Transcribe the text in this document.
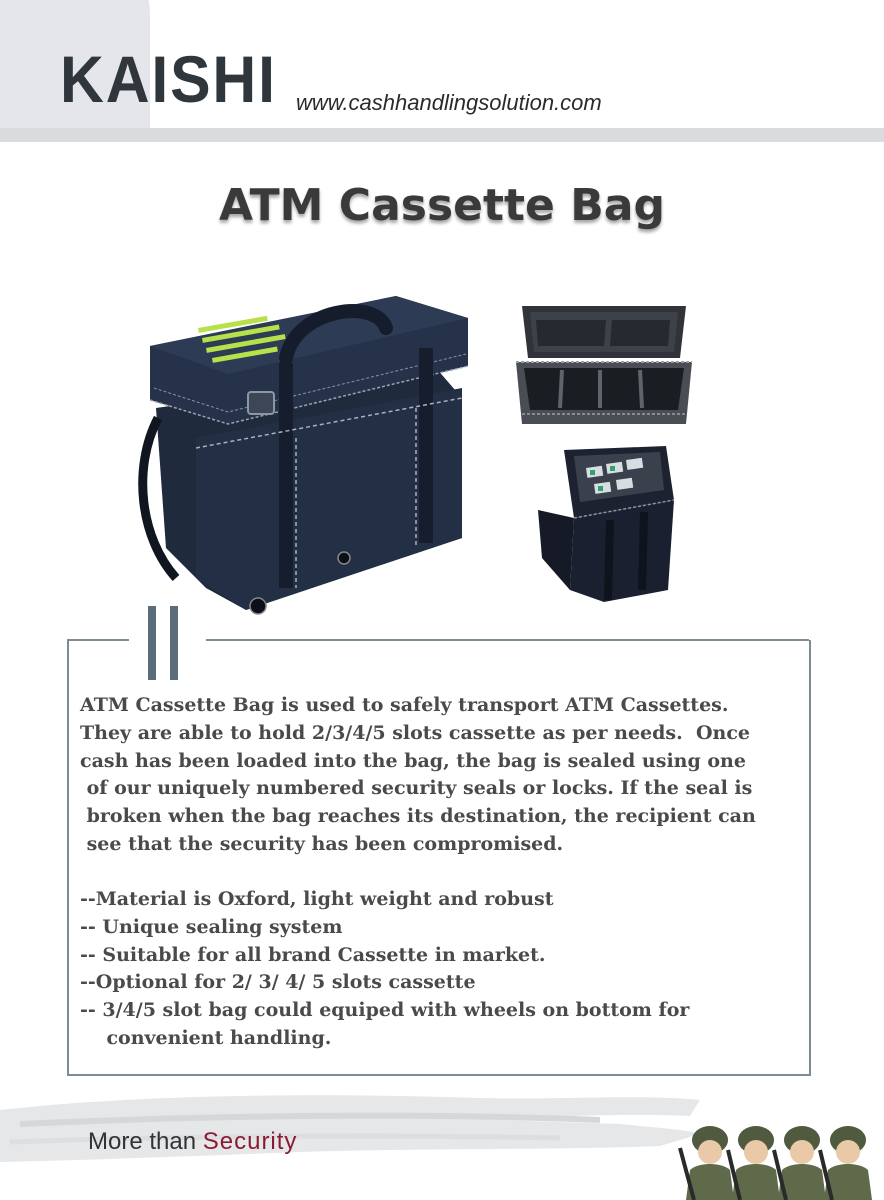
KAISHI www.cashhandlingsolution.com
ATM Cassette Bag
ATM Cassette Bag is used to safely transport ATM Cassettes.
They are able to hold 2/3/4/5 slots cassette as per needs.  Once
cash has been loaded into the bag, the bag is sealed using one
of our uniquely numbered security seals or locks. If the seal is
broken when the bag reaches its destination, the recipient can
see that the security has been compromised.
--Material is Oxford, light weight and robust
-- Unique sealing system
-- Suitable for all brand Cassette in market.
--Optional for 2/ 3/ 4/ 5 slots cassette
-- 3/4/5 slot bag could equiped with wheels on bottom for
convenient handling.
More than Security
